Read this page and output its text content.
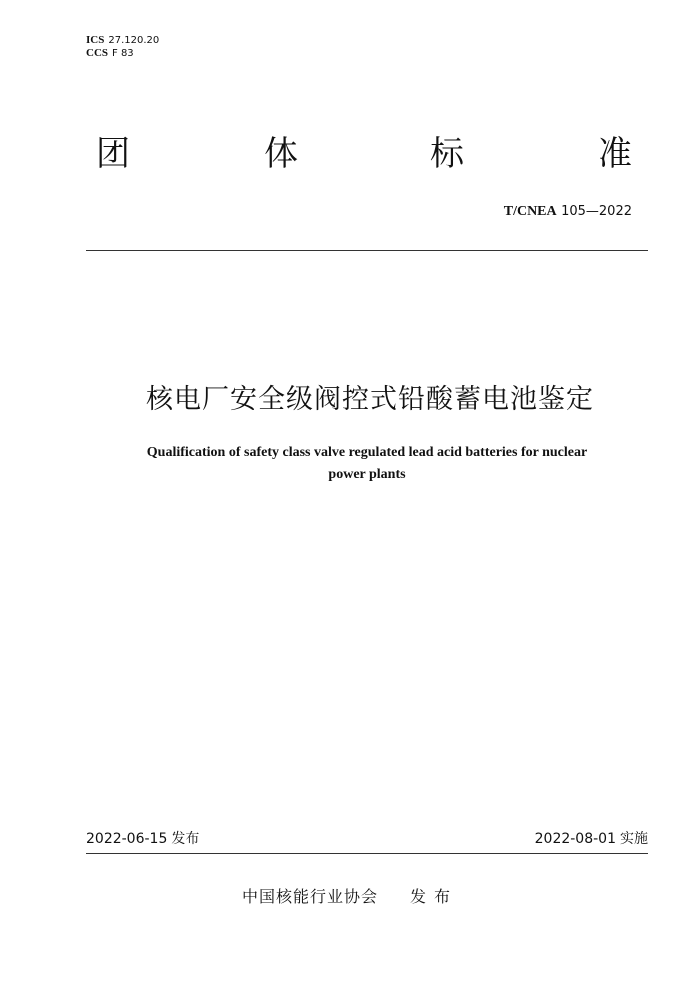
ICS 27.120.20
CCS F 83
团	体	标	准
T/CNEA 105—2022
核电厂安全级阀控式铅酸蓄电池鉴定
Qualification of safety class valve regulated lead acid batteries for nuclear
power plants
2022-06-15 发布	2022-08-01 实施
中国核能行业协会 发布
